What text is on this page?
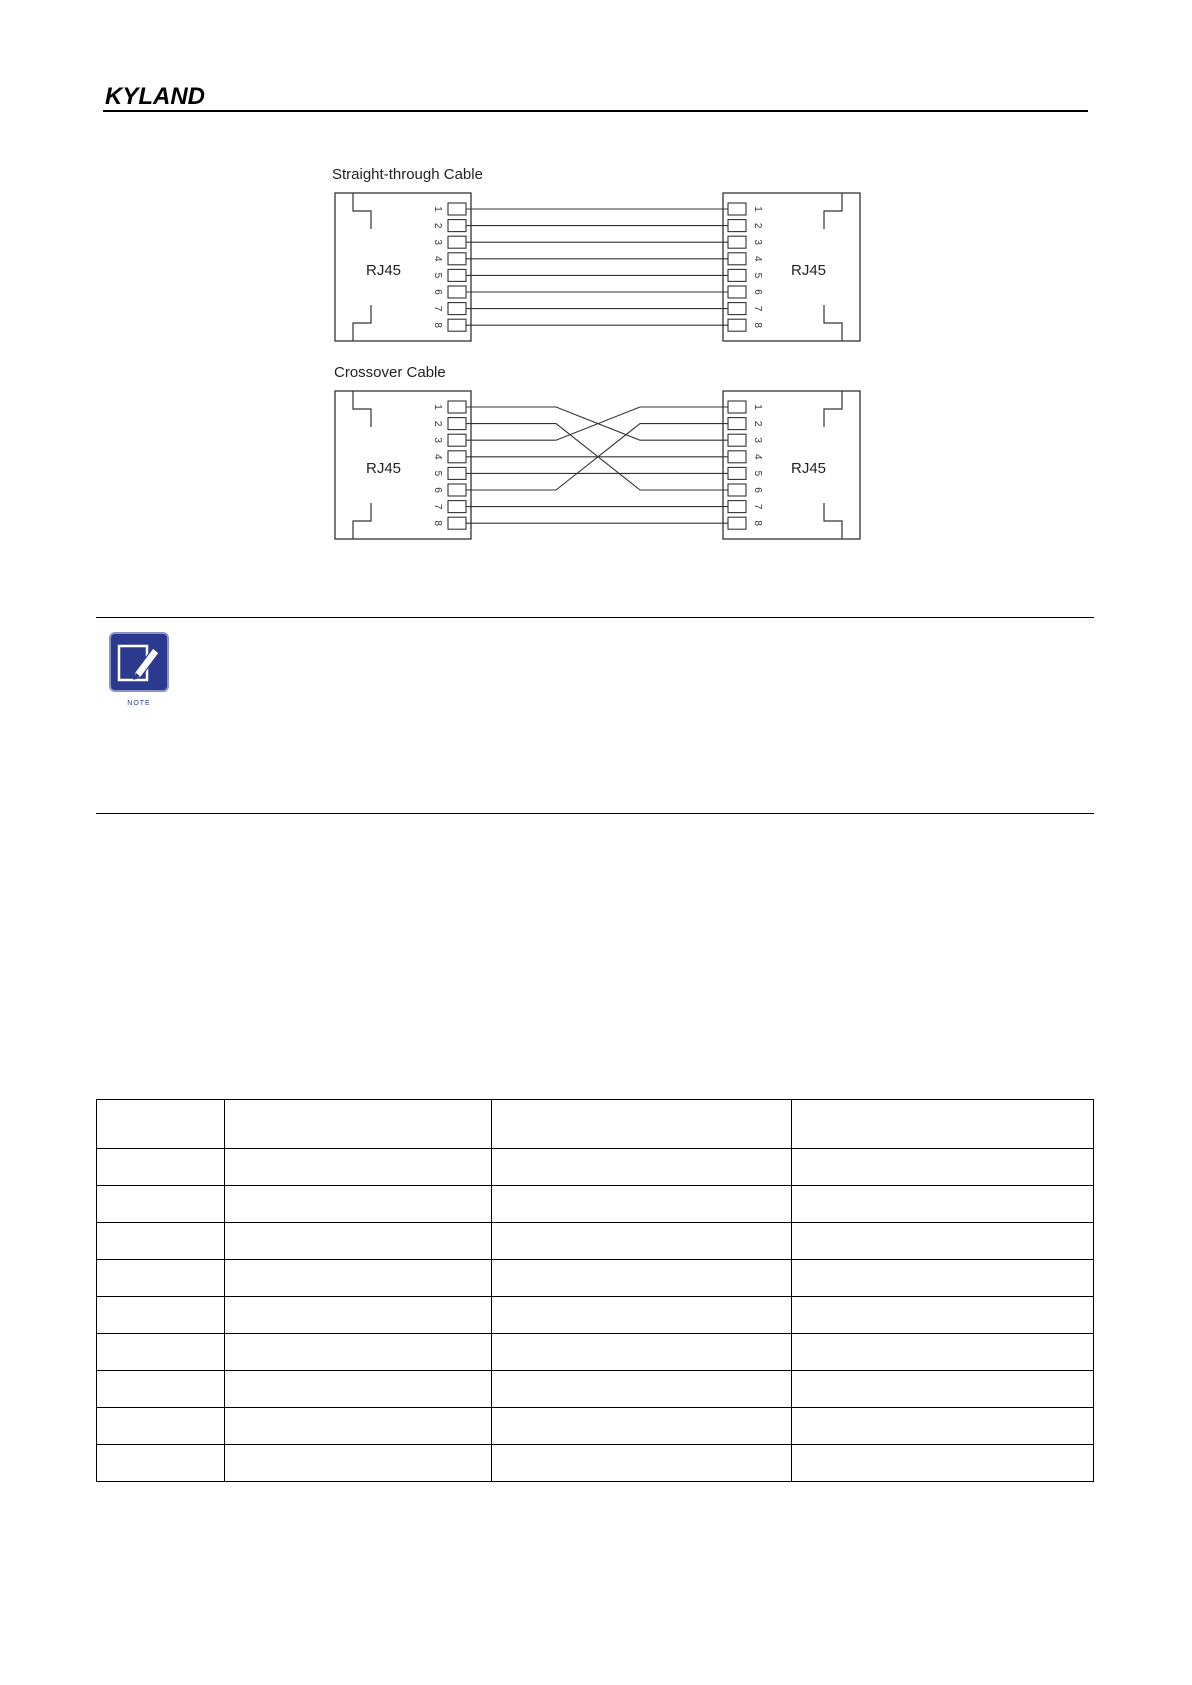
KYLAND
Straight-through Cable
Crossover Cable
RJ45	RJ45
1	1
2	2
3	3
4	4
5	5
6	6
7	7
8	8
RJ45	RJ45
1	1
2	2
3	3
4	4
5	5
6	6
7	7
8	8
NOTE
